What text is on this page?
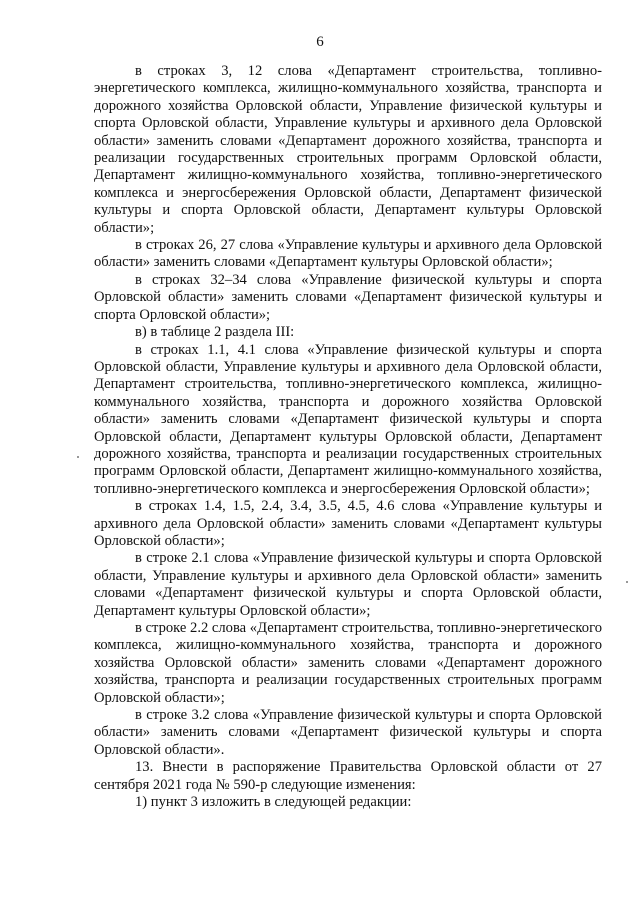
6

в строках 3, 12 слова «Департамент строительства, топливно-энергетического комплекса, жилищно-коммунального хозяйства, транспорта и дорожного хозяйства Орловской области, Управление физической культуры и спорта Орловской области, Управление культуры и архивного дела Орловской области» заменить словами «Департамент дорожного хозяйства, транспорта и реализации государственных строительных программ Орловской области, Департамент жилищно-коммунального хозяйства, топливно-энергетического комплекса и энергосбережения Орловской области, Департамент физической культуры и спорта Орловской области, Департамент культуры Орловской области»;

в строках 26, 27 слова «Управление культуры и архивного дела Орловской области» заменить словами «Департамент культуры Орловской области»;

в строках 32–34 слова «Управление физической культуры и спорта Орловской области» заменить словами «Департамент физической культуры и спорта Орловской области»;

в) в таблице 2 раздела III:

в строках 1.1, 4.1 слова «Управление физической культуры и спорта Орловской области, Управление культуры и архивного дела Орловской области, Департамент строительства, топливно-энергетического комплекса, жилищно-коммунального хозяйства, транспорта и дорожного хозяйства Орловской области» заменить словами «Департамент физической культуры и спорта Орловской области, Департамент культуры Орловской области, Департамент дорожного хозяйства, транспорта и реализации государственных строительных программ Орловской области, Департамент жилищно-коммунального хозяйства, топливно-энергетического комплекса и энергосбережения Орловской области»;

в строках 1.4, 1.5, 2.4, 3.4, 3.5, 4.5, 4.6 слова «Управление культуры и архивного дела Орловской области» заменить словами «Департамент культуры Орловской области»;

в строке 2.1 слова «Управление физической культуры и спорта Орловской области, Управление культуры и архивного дела Орловской области» заменить словами «Департамент физической культуры и спорта Орловской области, Департамент культуры Орловской области»;

в строке 2.2 слова «Департамент строительства, топливно-энергетического комплекса, жилищно-коммунального хозяйства, транспорта и дорожного хозяйства Орловской области» заменить словами «Департамент дорожного хозяйства, транспорта и реализации государственных строительных программ Орловской области»;

в строке 3.2 слова «Управление физической культуры и спорта Орловской области» заменить словами «Департамент физической культуры и спорта Орловской области».

13. Внести в распоряжение Правительства Орловской области от 27 сентября 2021 года № 590-р следующие изменения:

1) пункт 3 изложить в следующей редакции:
